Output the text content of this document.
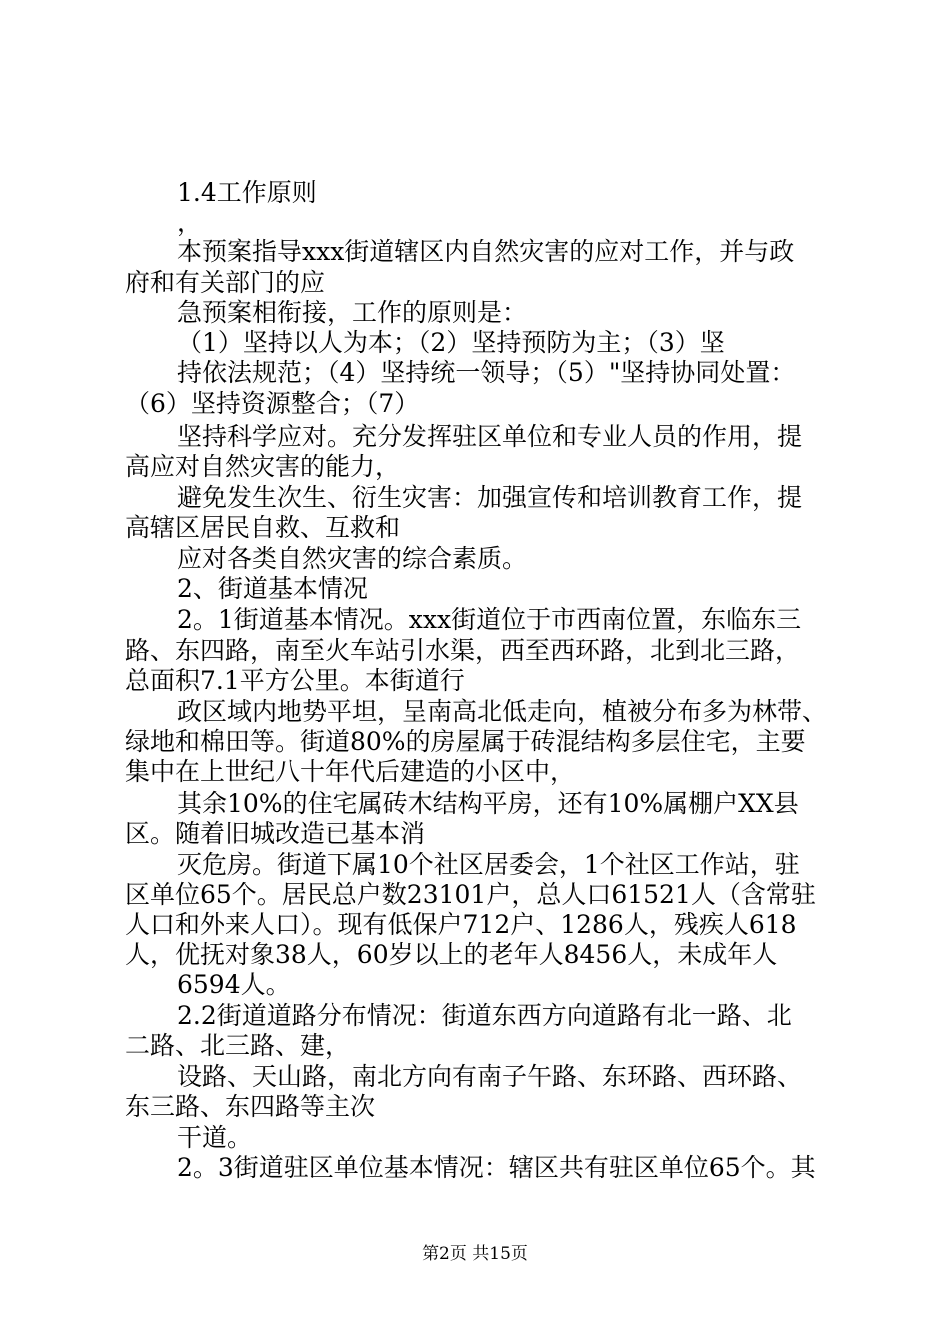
1.4工作原则
，
本预案指导xxx街道辖区内自然灾害的应对工作，并与政
府和有关部门的应
急预案相衔接，工作的原则是：
（1）坚持以人为本；（2）坚持预防为主；（3）坚
持依法规范；（4）坚持统一领导；（5）"坚持协同处置：
（6）坚持资源整合；（7）
坚持科学应对。充分发挥驻区单位和专业人员的作用，提
高应对自然灾害的能力，
避免发生次生、衍生灾害：加强宣传和培训教育工作，提
高辖区居民自救、互救和
应对各类自然灾害的综合素质。
2、街道基本情况
2。1街道基本情况。xxx街道位于市西南位置，东临东三
路、东四路，南至火车站引水渠，西至西环路，北到北三路，
总面积7.1平方公里。本街道行
政区域内地势平坦，呈南高北低走向，植被分布多为林带、
绿地和棉田等。街道80%的房屋属于砖混结构多层住宅，主要
集中在上世纪八十年代后建造的小区中，
其余10%的住宅属砖木结构平房，还有10%属棚户XX县
区。随着旧城改造已基本消
灭危房。街道下属10个社区居委会，1个社区工作站，驻
区单位65个。居民总户数23101户，总人口61521人（含常驻
人口和外来人口）。现有低保户712户、1286人，残疾人618
人，优抚对象38人，60岁以上的老年人8456人，未成年人
6594人。
2.2街道道路分布情况：街道东西方向道路有北一路、北
二路、北三路、建，
设路、天山路，南北方向有南子午路、东环路、西环路、
东三路、东四路等主次
干道。
2。3街道驻区单位基本情况：辖区共有驻区单位65个。其
第2页 共15页
